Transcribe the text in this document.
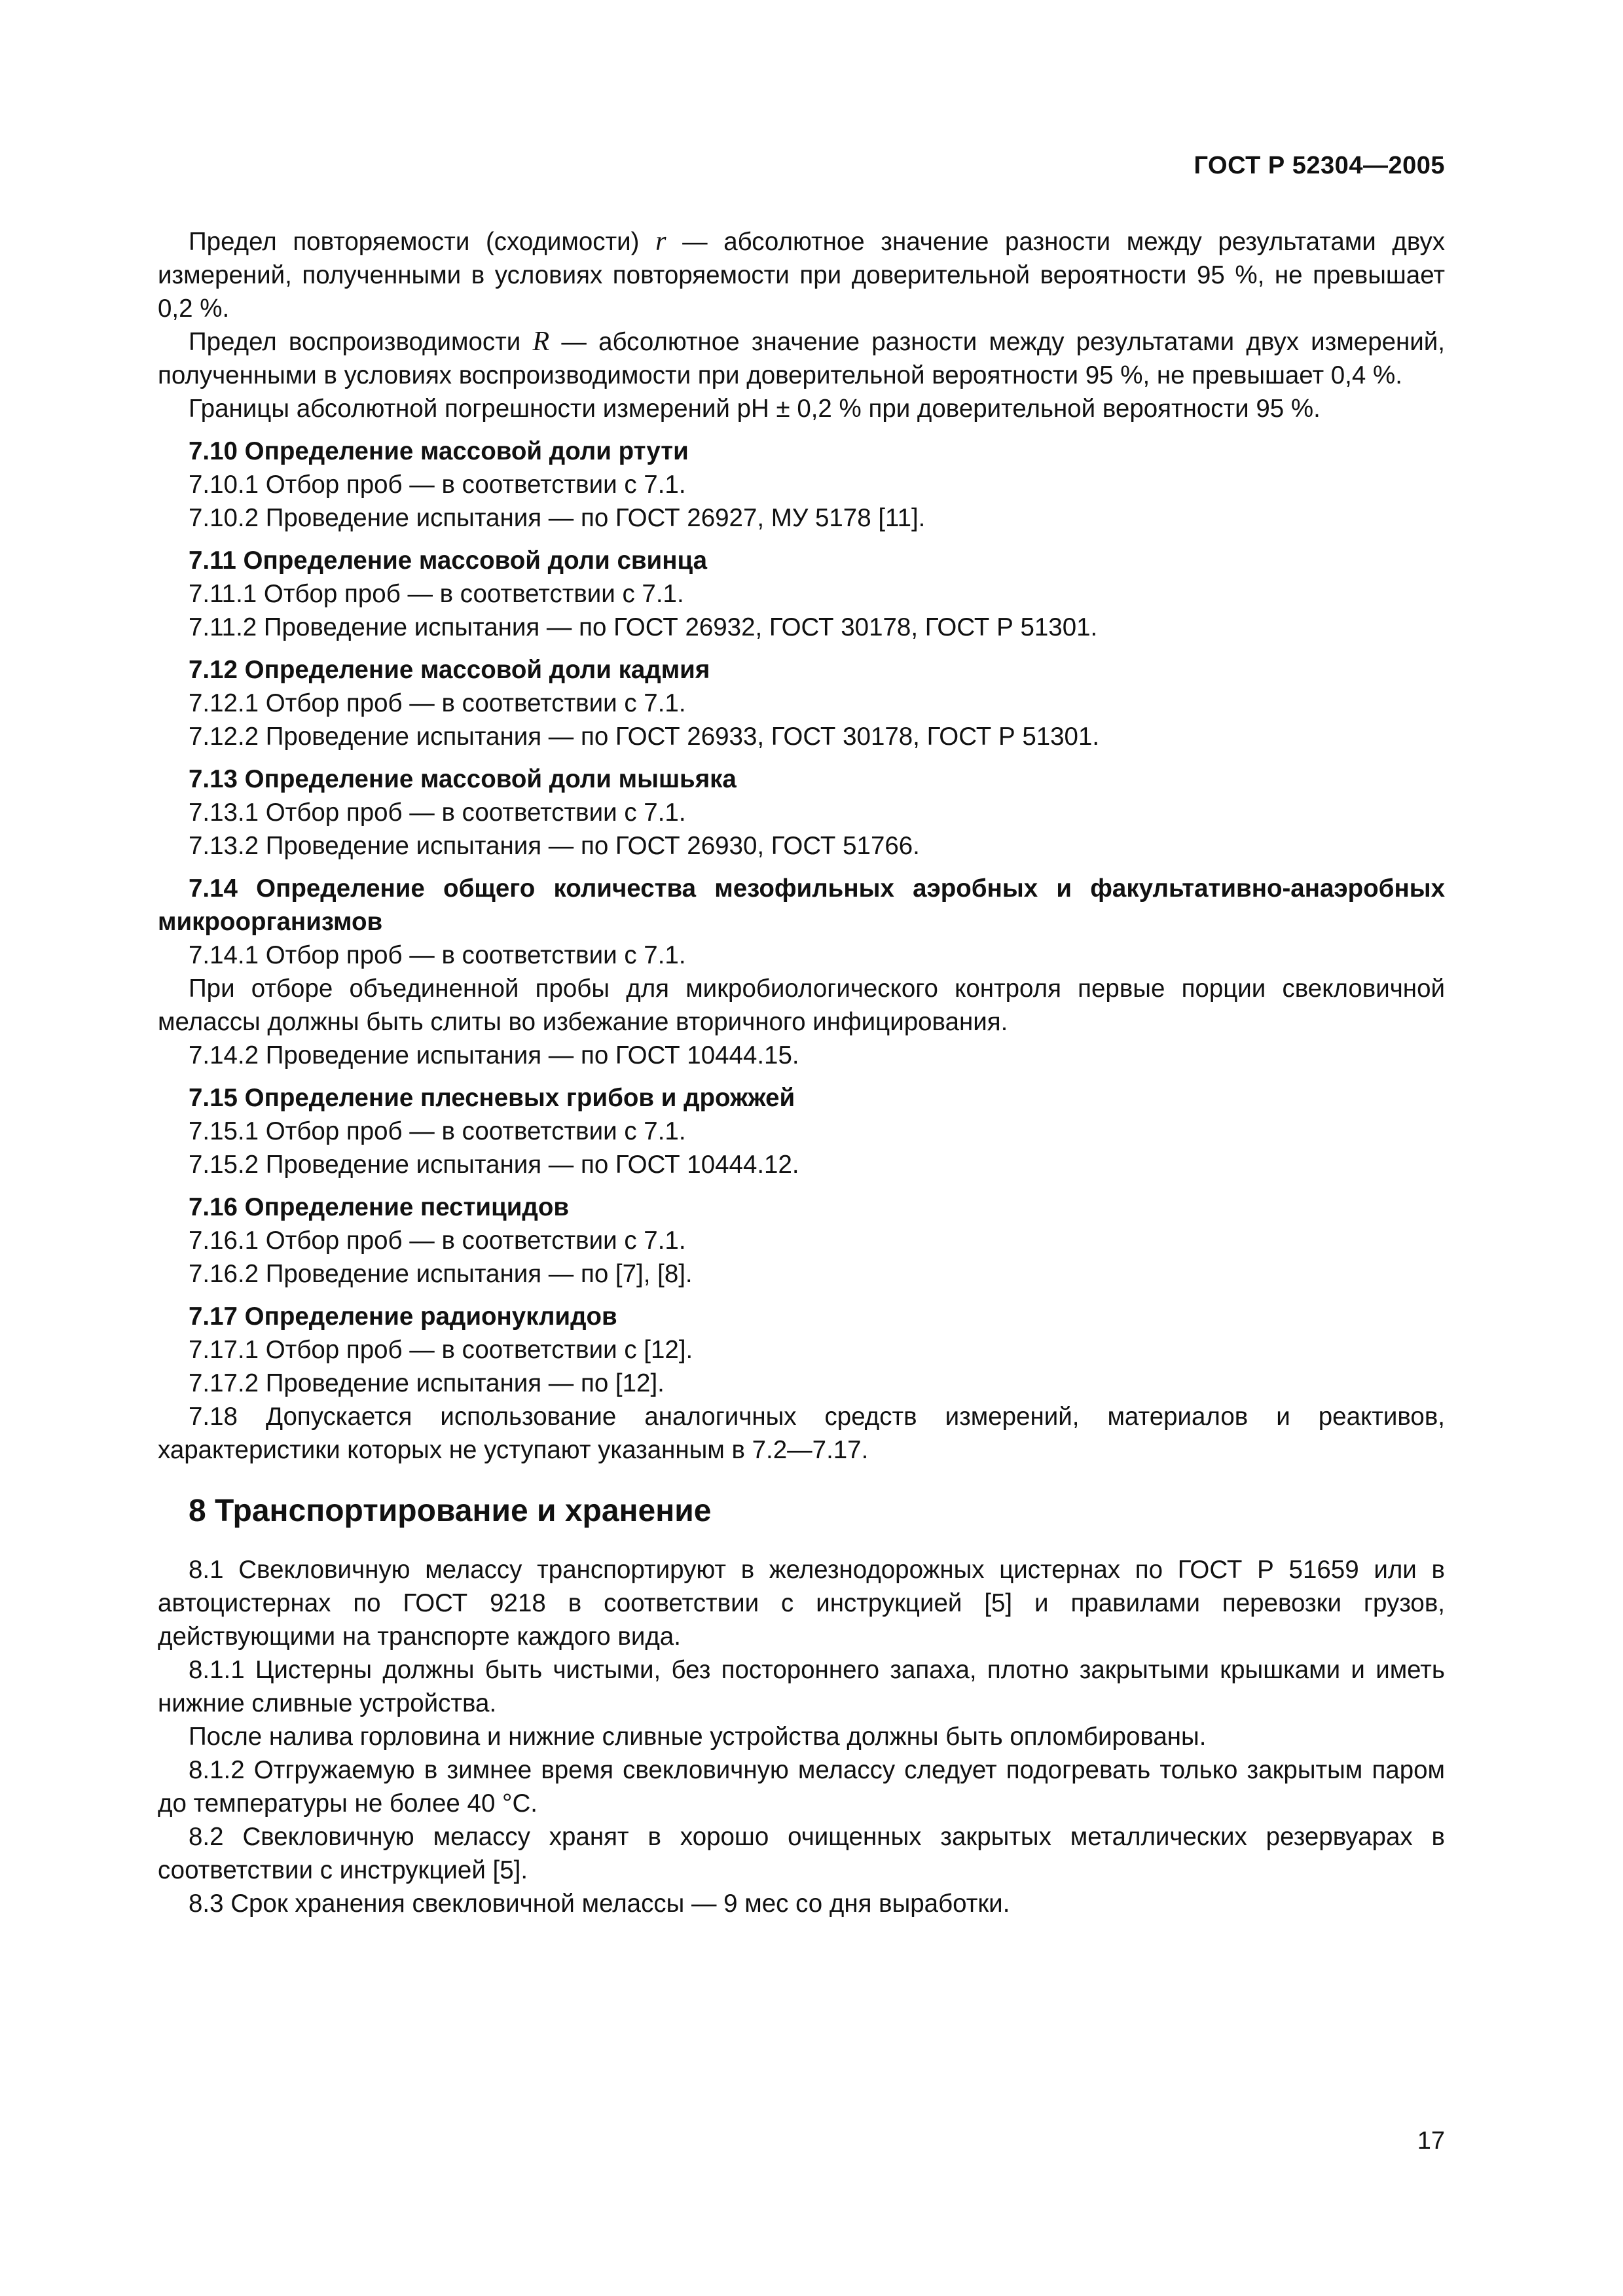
ГОСТ Р 52304—2005

Предел повторяемости (сходимости) r — абсолютное значение разности между результатами двух измерений, полученными в условиях повторяемости при доверительной вероятности 95 %, не превышает 0,2 %.

Предел воспроизводимости R — абсолютное значение разности между результатами двух измерений, полученными в условиях воспроизводимости при доверительной вероятности 95 %, не превышает 0,4 %.

Границы абсолютной погрешности измерений pH ± 0,2 % при доверительной вероятности 95 %.

7.10 Определение массовой доли ртути

7.10.1 Отбор проб — в соответствии с 7.1.

7.10.2 Проведение испытания — по ГОСТ 26927, МУ 5178 [11].

7.11 Определение массовой доли свинца

7.11.1 Отбор проб — в соответствии с 7.1.

7.11.2 Проведение испытания — по ГОСТ 26932, ГОСТ 30178, ГОСТ Р 51301.

7.12 Определение массовой доли кадмия

7.12.1 Отбор проб — в соответствии с 7.1.

7.12.2 Проведение испытания — по ГОСТ 26933, ГОСТ 30178, ГОСТ Р 51301.

7.13 Определение массовой доли мышьяка

7.13.1 Отбор проб — в соответствии с 7.1.

7.13.2 Проведение испытания — по ГОСТ 26930, ГОСТ 51766.

7.14 Определение общего количества мезофильных аэробных и факультативно-анаэробных микроорганизмов

7.14.1 Отбор проб — в соответствии с 7.1.

При отборе объединенной пробы для микробиологического контроля первые порции свекловичной мелассы должны быть слиты во избежание вторичного инфицирования.

7.14.2 Проведение испытания — по ГОСТ 10444.15.

7.15 Определение плесневых грибов и дрожжей

7.15.1 Отбор проб — в соответствии с 7.1.

7.15.2 Проведение испытания — по ГОСТ 10444.12.

7.16 Определение пестицидов

7.16.1 Отбор проб — в соответствии с 7.1.

7.16.2 Проведение испытания — по [7], [8].

7.17 Определение радионуклидов

7.17.1 Отбор проб — в соответствии с [12].

7.17.2 Проведение испытания — по [12].

7.18 Допускается использование аналогичных средств измерений, материалов и реактивов, характеристики которых не уступают указанным в 7.2—7.17.

8 Транспортирование и хранение

8.1 Свекловичную мелассу транспортируют в железнодорожных цистернах по ГОСТ Р 51659 или в автоцистернах по ГОСТ 9218 в соответствии с инструкцией [5] и правилами перевозки грузов, действующими на транспорте каждого вида.

8.1.1 Цистерны должны быть чистыми, без постороннего запаха, плотно закрытыми крышками и иметь нижние сливные устройства.

После налива горловина и нижние сливные устройства должны быть опломбированы.

8.1.2 Отгружаемую в зимнее время свекловичную мелассу следует подогревать только закрытым паром до температуры не более 40 °С.

8.2 Свекловичную мелассу хранят в хорошо очищенных закрытых металлических резервуарах в соответствии с инструкцией [5].

8.3 Срок хранения свекловичной мелассы — 9 мес со дня выработки.

17
